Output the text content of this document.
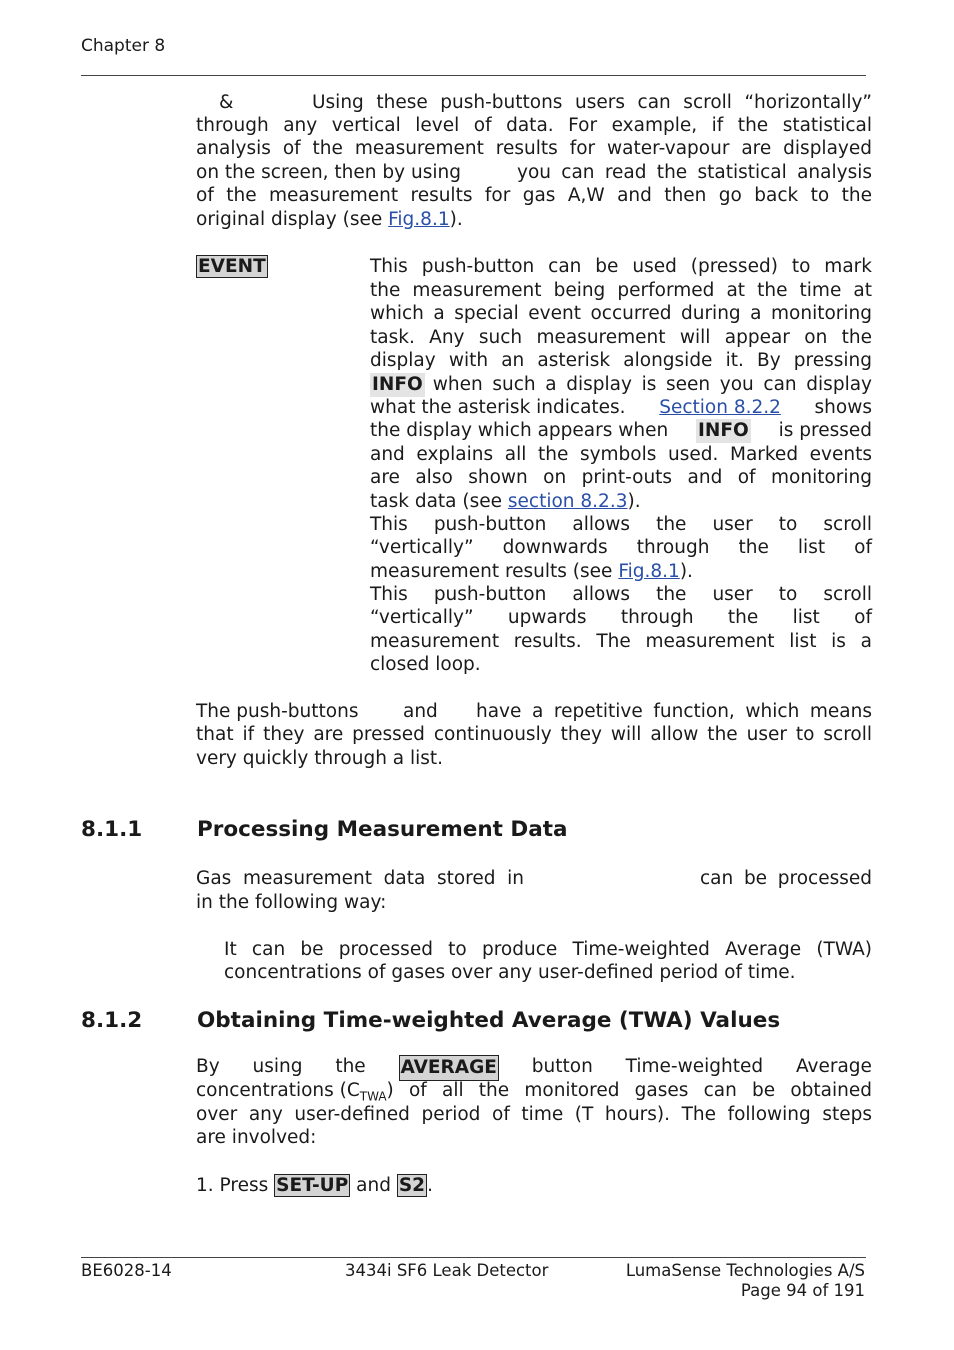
Chapter 8
&	Using these push-buttons users can scroll “horizontally”
through any vertical level of data. For example, if the statistical
analysis of the measurement results for water-vapour are displayed
on the screen, then by using	you can read the statistical analysis
of the measurement results for gas A,W and then go back to the
original display (see Fig.8.1).
EVENT	This push-button can be used (pressed) to mark
the measurement being performed at the time at
which a special event occurred during a monitoring
task. Any such measurement will appear on the
display with an asterisk alongside it. By pressing
INFO when such a display is seen you can display
what the asterisk indicates. Section 8.2.2 shows
the display which appears when INFO is pressed
and explains all the symbols used. Marked events
are also shown on print-outs and of monitoring
task data (see section 8.2.3).
This push-button allows the user to scroll
“vertically” downwards through the list of
measurement results (see Fig.8.1).
This push-button allows the user to scroll
“vertically” upwards through the list of
measurement results. The measurement list is a
closed loop.
The push-buttons and have a repetitive function, which means
that if they are pressed continuously they will allow the user to scroll
very quickly through a list.
8.1.1	Processing Measurement Data
Gas measurement data stored in	can be processed
in the following way:
It can be processed to produce Time-weighted Average (TWA)
concentrations of gases over any user-defined period of time.
8.1.2	Obtaining Time-weighted Average (TWA) Values
By using the AVERAGE button Time-weighted Average
concentrations ($C_{TWA}$ ) of all the monitored gases can be obtained
over any user-defined period of time (T hours). The following steps
are involved:
1. Press SET-UP and S2 .
BE6028-14	3434i SF6 Leak Detector	LumaSense Technologies A/S
Page 94 of 191
